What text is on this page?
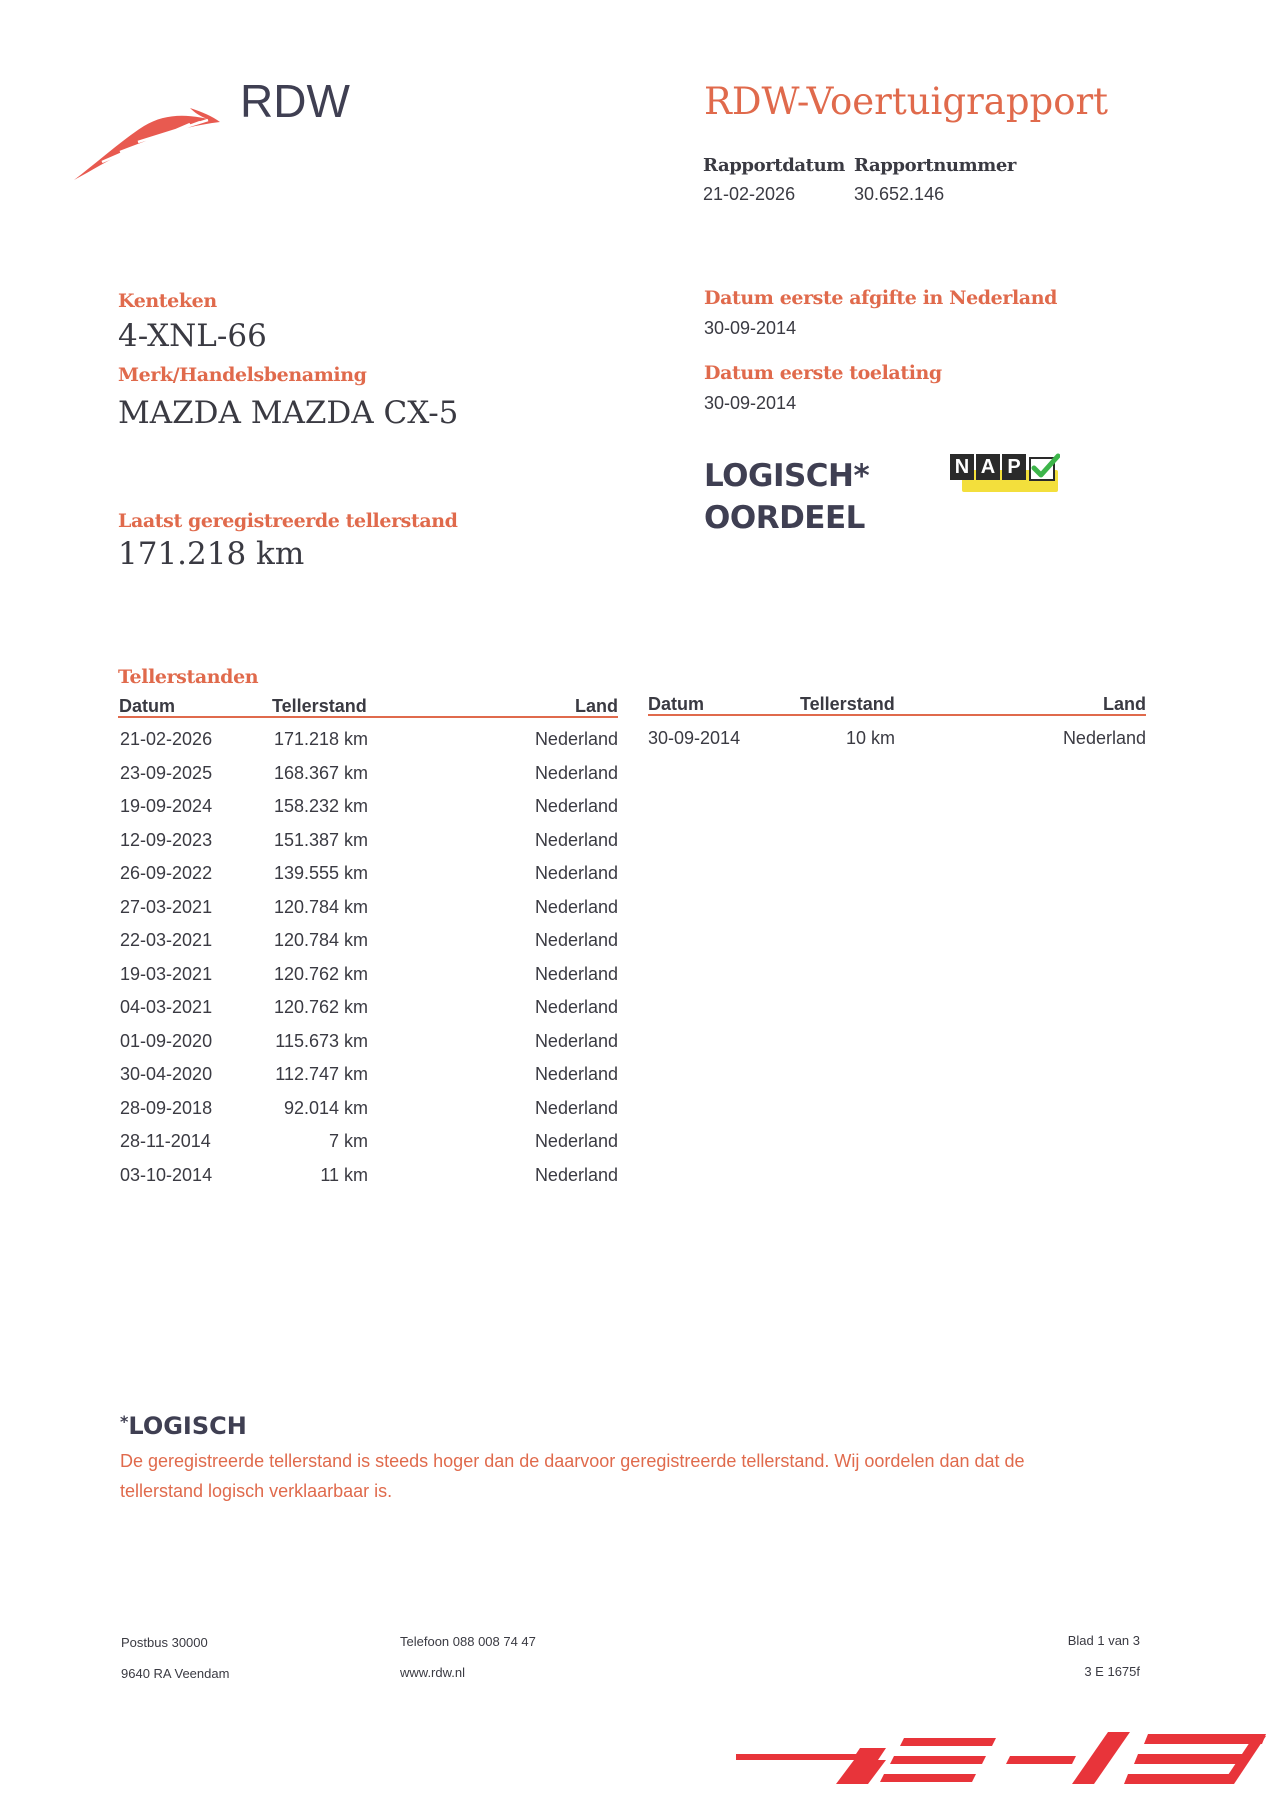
RDW	RDW-Voertuigrapport
Rapportdatum
21-02-2026
Rapportnummer
30.652.146
Kenteken
4-XNL-66
Merk/Handelsbenaming
MAZDA MAZDA CX-5
Laatst geregistreerde tellerstand
171.218 km
Datum eerste afgifte in Nederland
30-09-2014
Datum eerste toelating
30-09-2014
LOGISCH*
OORDEEL
N A P
Tellerstanden
Datum	Tellerstand	Land Datum	Tellerstand	Land
21-02-2026	171.218 km	Nederland
23-09-2025	168.367 km	Nederland
19-09-2024	158.232 km	Nederland
12-09-2023	151.387 km	Nederland
26-09-2022	139.555 km	Nederland
27-03-2021	120.784 km	Nederland
22-03-2021	120.784 km	Nederland
19-03-2021	120.762 km	Nederland
04-03-2021	120.762 km	Nederland
01-09-2020	115.673 km	Nederland
30-04-2020	112.747 km	Nederland
28-09-2018	92.014 km	Nederland
28-11-2014	7 km	Nederland
03-10-2014	11 km	Nederland
30-09-2014	10 km	Nederland
*LOGISCH
De geregistreerde tellerstand is steeds hoger dan de daarvoor geregistreerde tellerstand. Wij oordelen dan dat de tellerstand logisch verklaarbaar is.
Postbus 30000
9640 RA Veendam
Telefoon 088 008 74 47
www.rdw.nl
Blad 1 van 3
3 E 1675f
